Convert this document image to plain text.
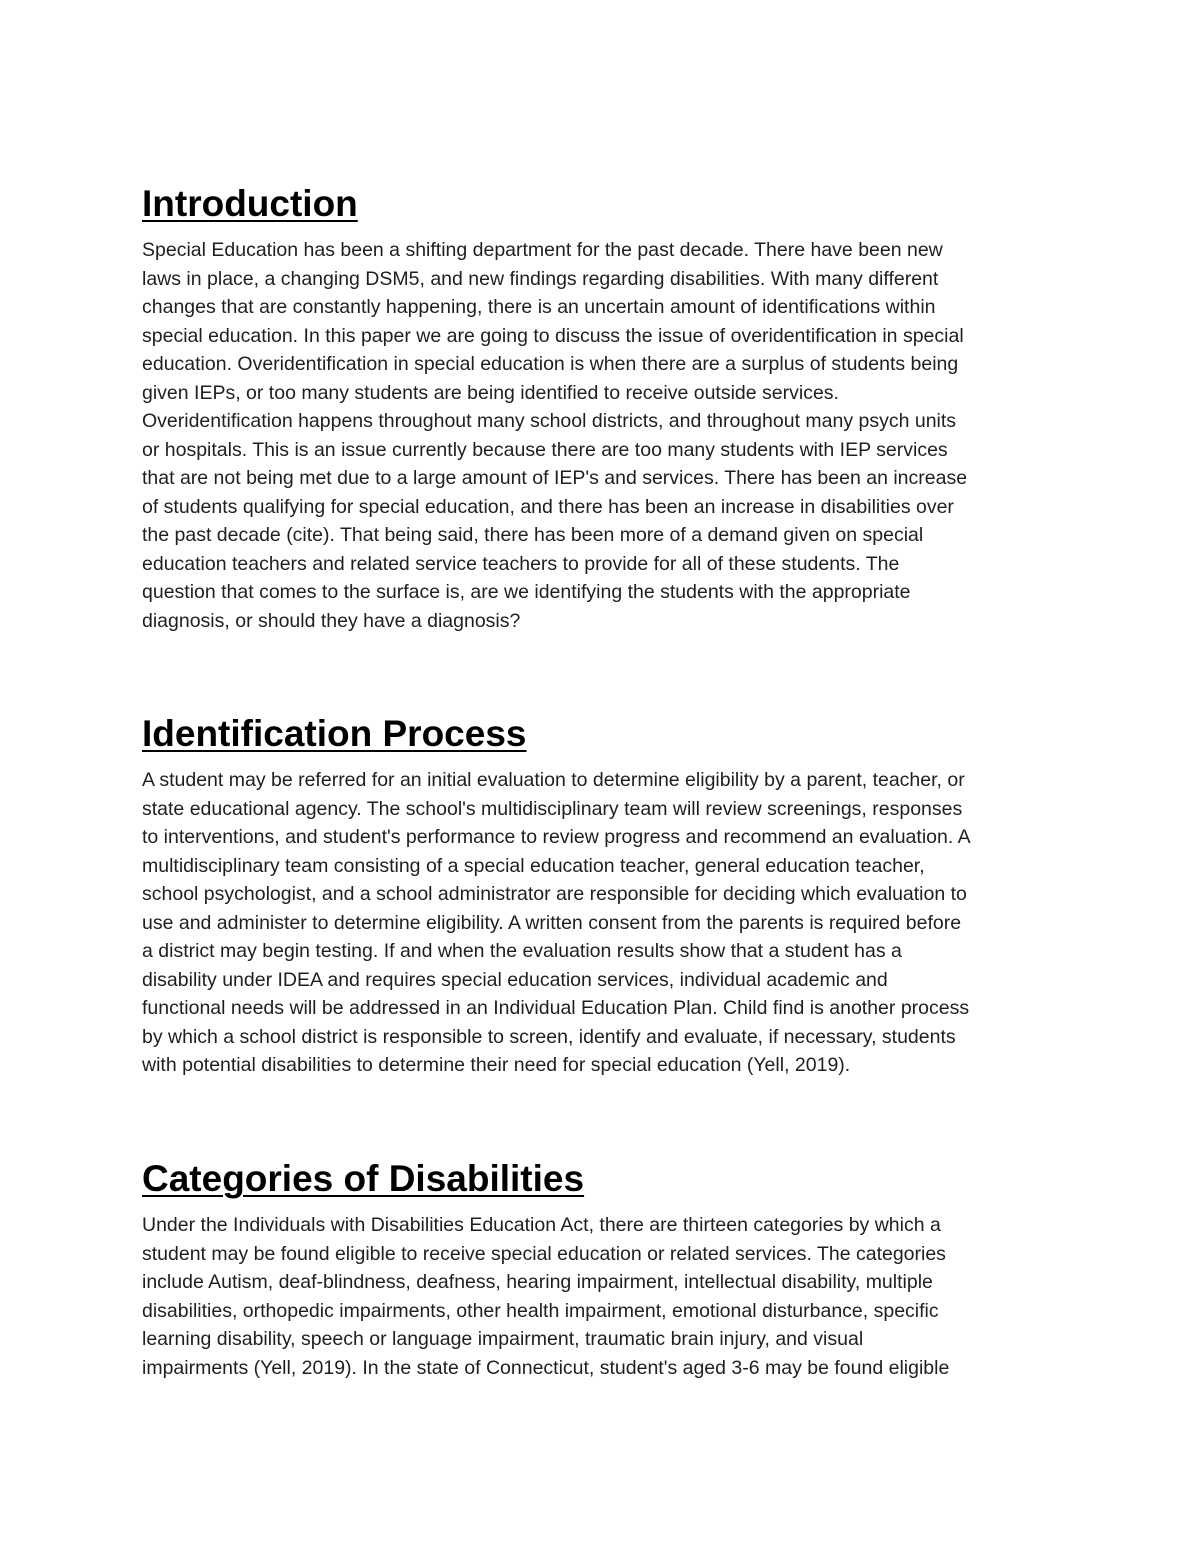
Introduction

Special Education has been a shifting department for the past decade. There have been new
laws in place, a changing DSM5, and new findings regarding disabilities. With many different
changes that are constantly happening, there is an uncertain amount of identifications within
special education. In this paper we are going to discuss the issue of overidentification in special
education. Overidentification in special education is when there are a surplus of students being
given IEPs, or too many students are being identified to receive outside services.
Overidentification happens throughout many school districts, and throughout many psych units
or hospitals. This is an issue currently because there are too many students with IEP services
that are not being met due to a large amount of IEP's and services. There has been an increase
of students qualifying for special education, and there has been an increase in disabilities over
the past decade (cite). That being said, there has been more of a demand given on special
education teachers and related service teachers to provide for all of these students. The
question that comes to the surface is, are we identifying the students with the appropriate
diagnosis, or should they have a diagnosis?

Identification Process

A student may be referred for an initial evaluation to determine eligibility by a parent, teacher, or
state educational agency. The school's multidisciplinary team will review screenings, responses
to interventions, and student's performance to review progress and recommend an evaluation. A
multidisciplinary team consisting of a special education teacher, general education teacher,
school psychologist, and a school administrator are responsible for deciding which evaluation to
use and administer to determine eligibility. A written consent from the parents is required before
a district may begin testing. If and when the evaluation results show that a student has a
disability under IDEA and requires special education services, individual academic and
functional needs will be addressed in an Individual Education Plan. Child find is another process
by which a school district is responsible to screen, identify and evaluate, if necessary, students
with potential disabilities to determine their need for special education (Yell, 2019).

Categories of Disabilities

Under the Individuals with Disabilities Education Act, there are thirteen categories by which a
student may be found eligible to receive special education or related services. The categories
include Autism, deaf-blindness, deafness, hearing impairment, intellectual disability, multiple
disabilities, orthopedic impairments, other health impairment, emotional disturbance, specific
learning disability, speech or language impairment, traumatic brain injury, and visual
impairments (Yell, 2019). In the state of Connecticut, student's aged 3-6 may be found eligible
